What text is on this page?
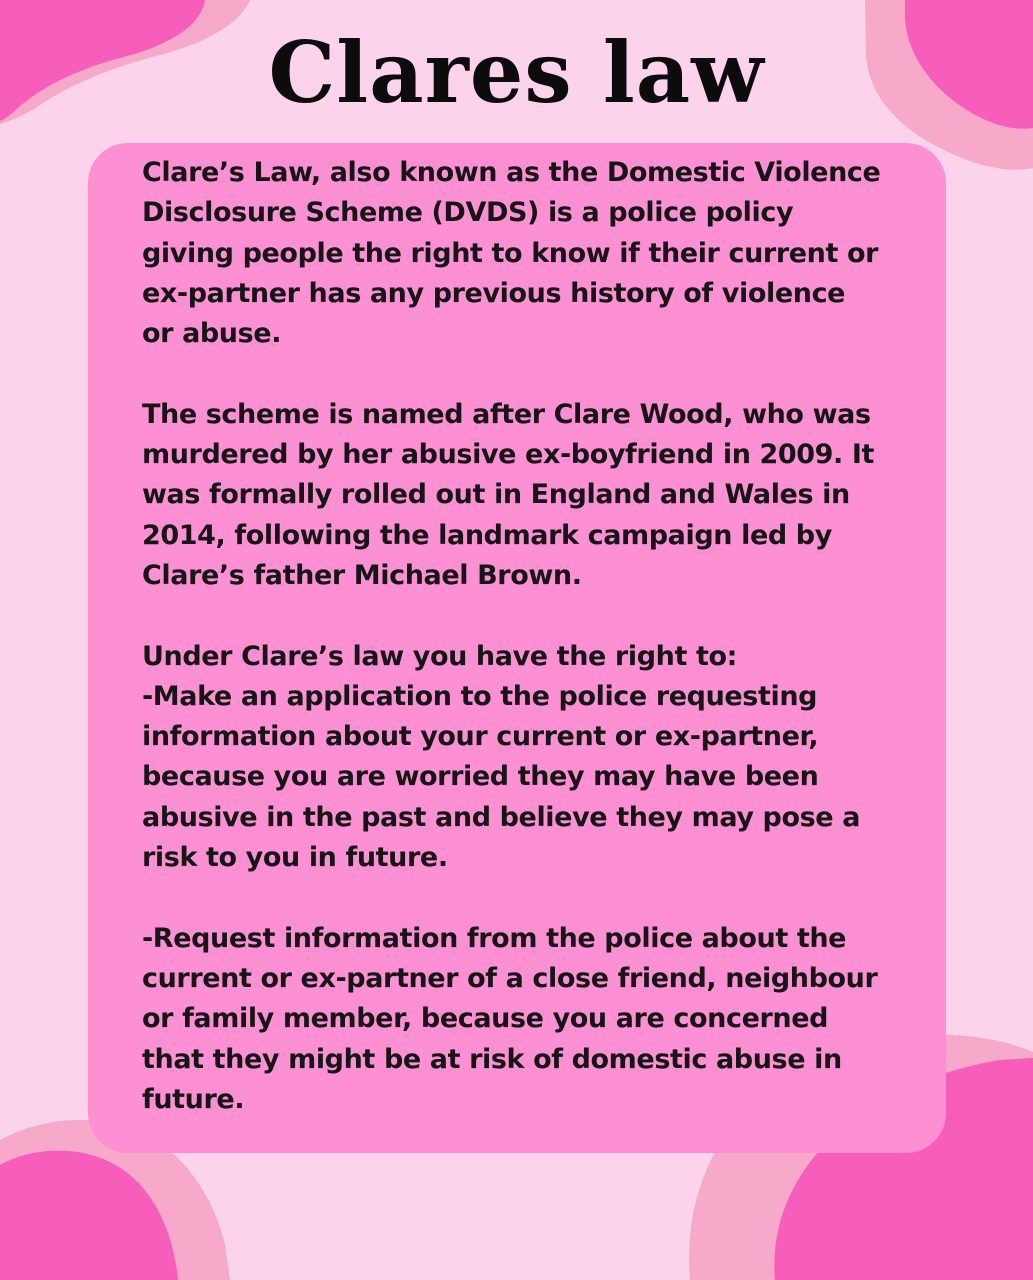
Clares law

Clare’s Law, also known as the Domestic Violence
Disclosure Scheme (DVDS) is a police policy
giving people the right to know if their current or
ex-partner has any previous history of violence
or abuse.

The scheme is named after Clare Wood, who was
murdered by her abusive ex-boyfriend in 2009. It
was formally rolled out in England and Wales in
2014, following the landmark campaign led by
Clare’s father Michael Brown.

Under Clare’s law you have the right to:
-Make an application to the police requesting
information about your current or ex-partner,
because you are worried they may have been
abusive in the past and believe they may pose a
risk to you in future.

-Request information from the police about the
current or ex-partner of a close friend, neighbour
or family member, because you are concerned
that they might be at risk of domestic abuse in
future.
